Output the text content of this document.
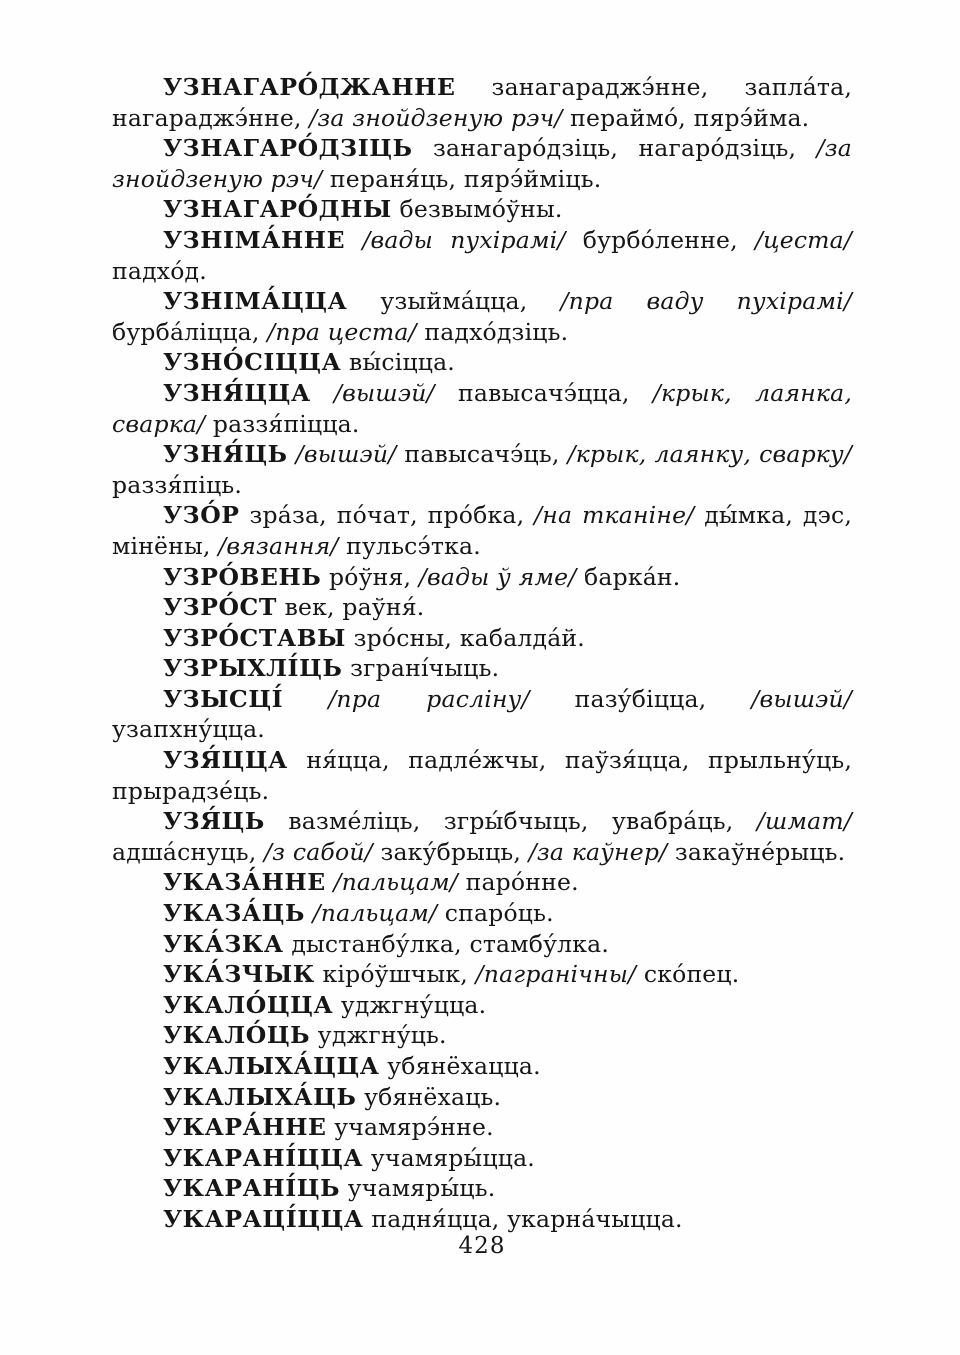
УЗНАГАРО́ДЖАННЕ занагараджэ́нне, запла́та, нагараджэ́нне, /за знойдзеную рэч/ пераймо́, пярэ́йма.

УЗНАГАРО́ДЗІЦЬ занагаро́дзіць, нагаро́дзіць, /за знойдзеную рэч/ пераня́ць, пярэ́йміць.

УЗНАГАРО́ДНЫ безвымо́ўны.

УЗНІМА́ННЕ /вады пухірамі/ бурбо́ленне, /цеста/ падхо́д.

УЗНІМА́ЦЦА узыйма́цца, /пра ваду пухірамі/ бурба́ліцца, /пра цеста/ падхо́дзіць.

УЗНО́СІЦЦА вы́сіцца.

УЗНЯ́ЦЦА /вышэй/ павысачэ́цца, /крык, лаянка, сварка/ раззя́піцца.

УЗНЯ́ЦЬ /вышэй/ павысачэ́ць, /крык, лаянку, сварку/ раззя́піць.

УЗО́Р зра́за, по́чат, про́бка, /на тканіне/ ды́мка, дэс, мінёны, /вязання/ пульсэ́тка.

УЗРО́ВЕНЬ ро́ўня, /вады ў яме/ барка́н.

УЗРО́СТ век, раўня́.

УЗРО́СТАВЫ зро́сны, кабалда́й.

УЗРЫХЛІ́ЦЬ зграні́чыць.

УЗЫСЦІ́ /пра расліну/ пазу́біцца, /вышэй/ узапхну́цца.

УЗЯ́ЦЦА ня́цца, падле́жчы, паўзя́цца, прыльну́ць, прырадзе́ць.

УЗЯ́ЦЬ вазме́ліць, згры́бчыць, увабра́ць, /шмат/ адша́снуць, /з сабой/ заку́брыць, /за каўнер/ закаўне́рыць.

УКАЗА́ННЕ /пальцам/ паро́нне.

УКАЗА́ЦЬ /пальцам/ спаро́ць.

УКА́ЗКА дыстанбу́лка, стамбу́лка.

УКА́ЗЧЫК кіро́ўшчык, /пагранічны/ ско́пец.

УКАЛО́ЦЦА уджгну́цца.

УКАЛО́ЦЬ уджгну́ць.

УКАЛЫХА́ЦЦА убянёхацца.

УКАЛЫХА́ЦЬ убянёхаць.

УКАРА́ННЕ учамярэ́нне.

УКАРАНІ́ЦЦА учамяры́цца.

УКАРАНІ́ЦЬ учамяры́ць.

УКАРАЦІ́ЦЦА падня́цца, укарна́чыцца.

428
